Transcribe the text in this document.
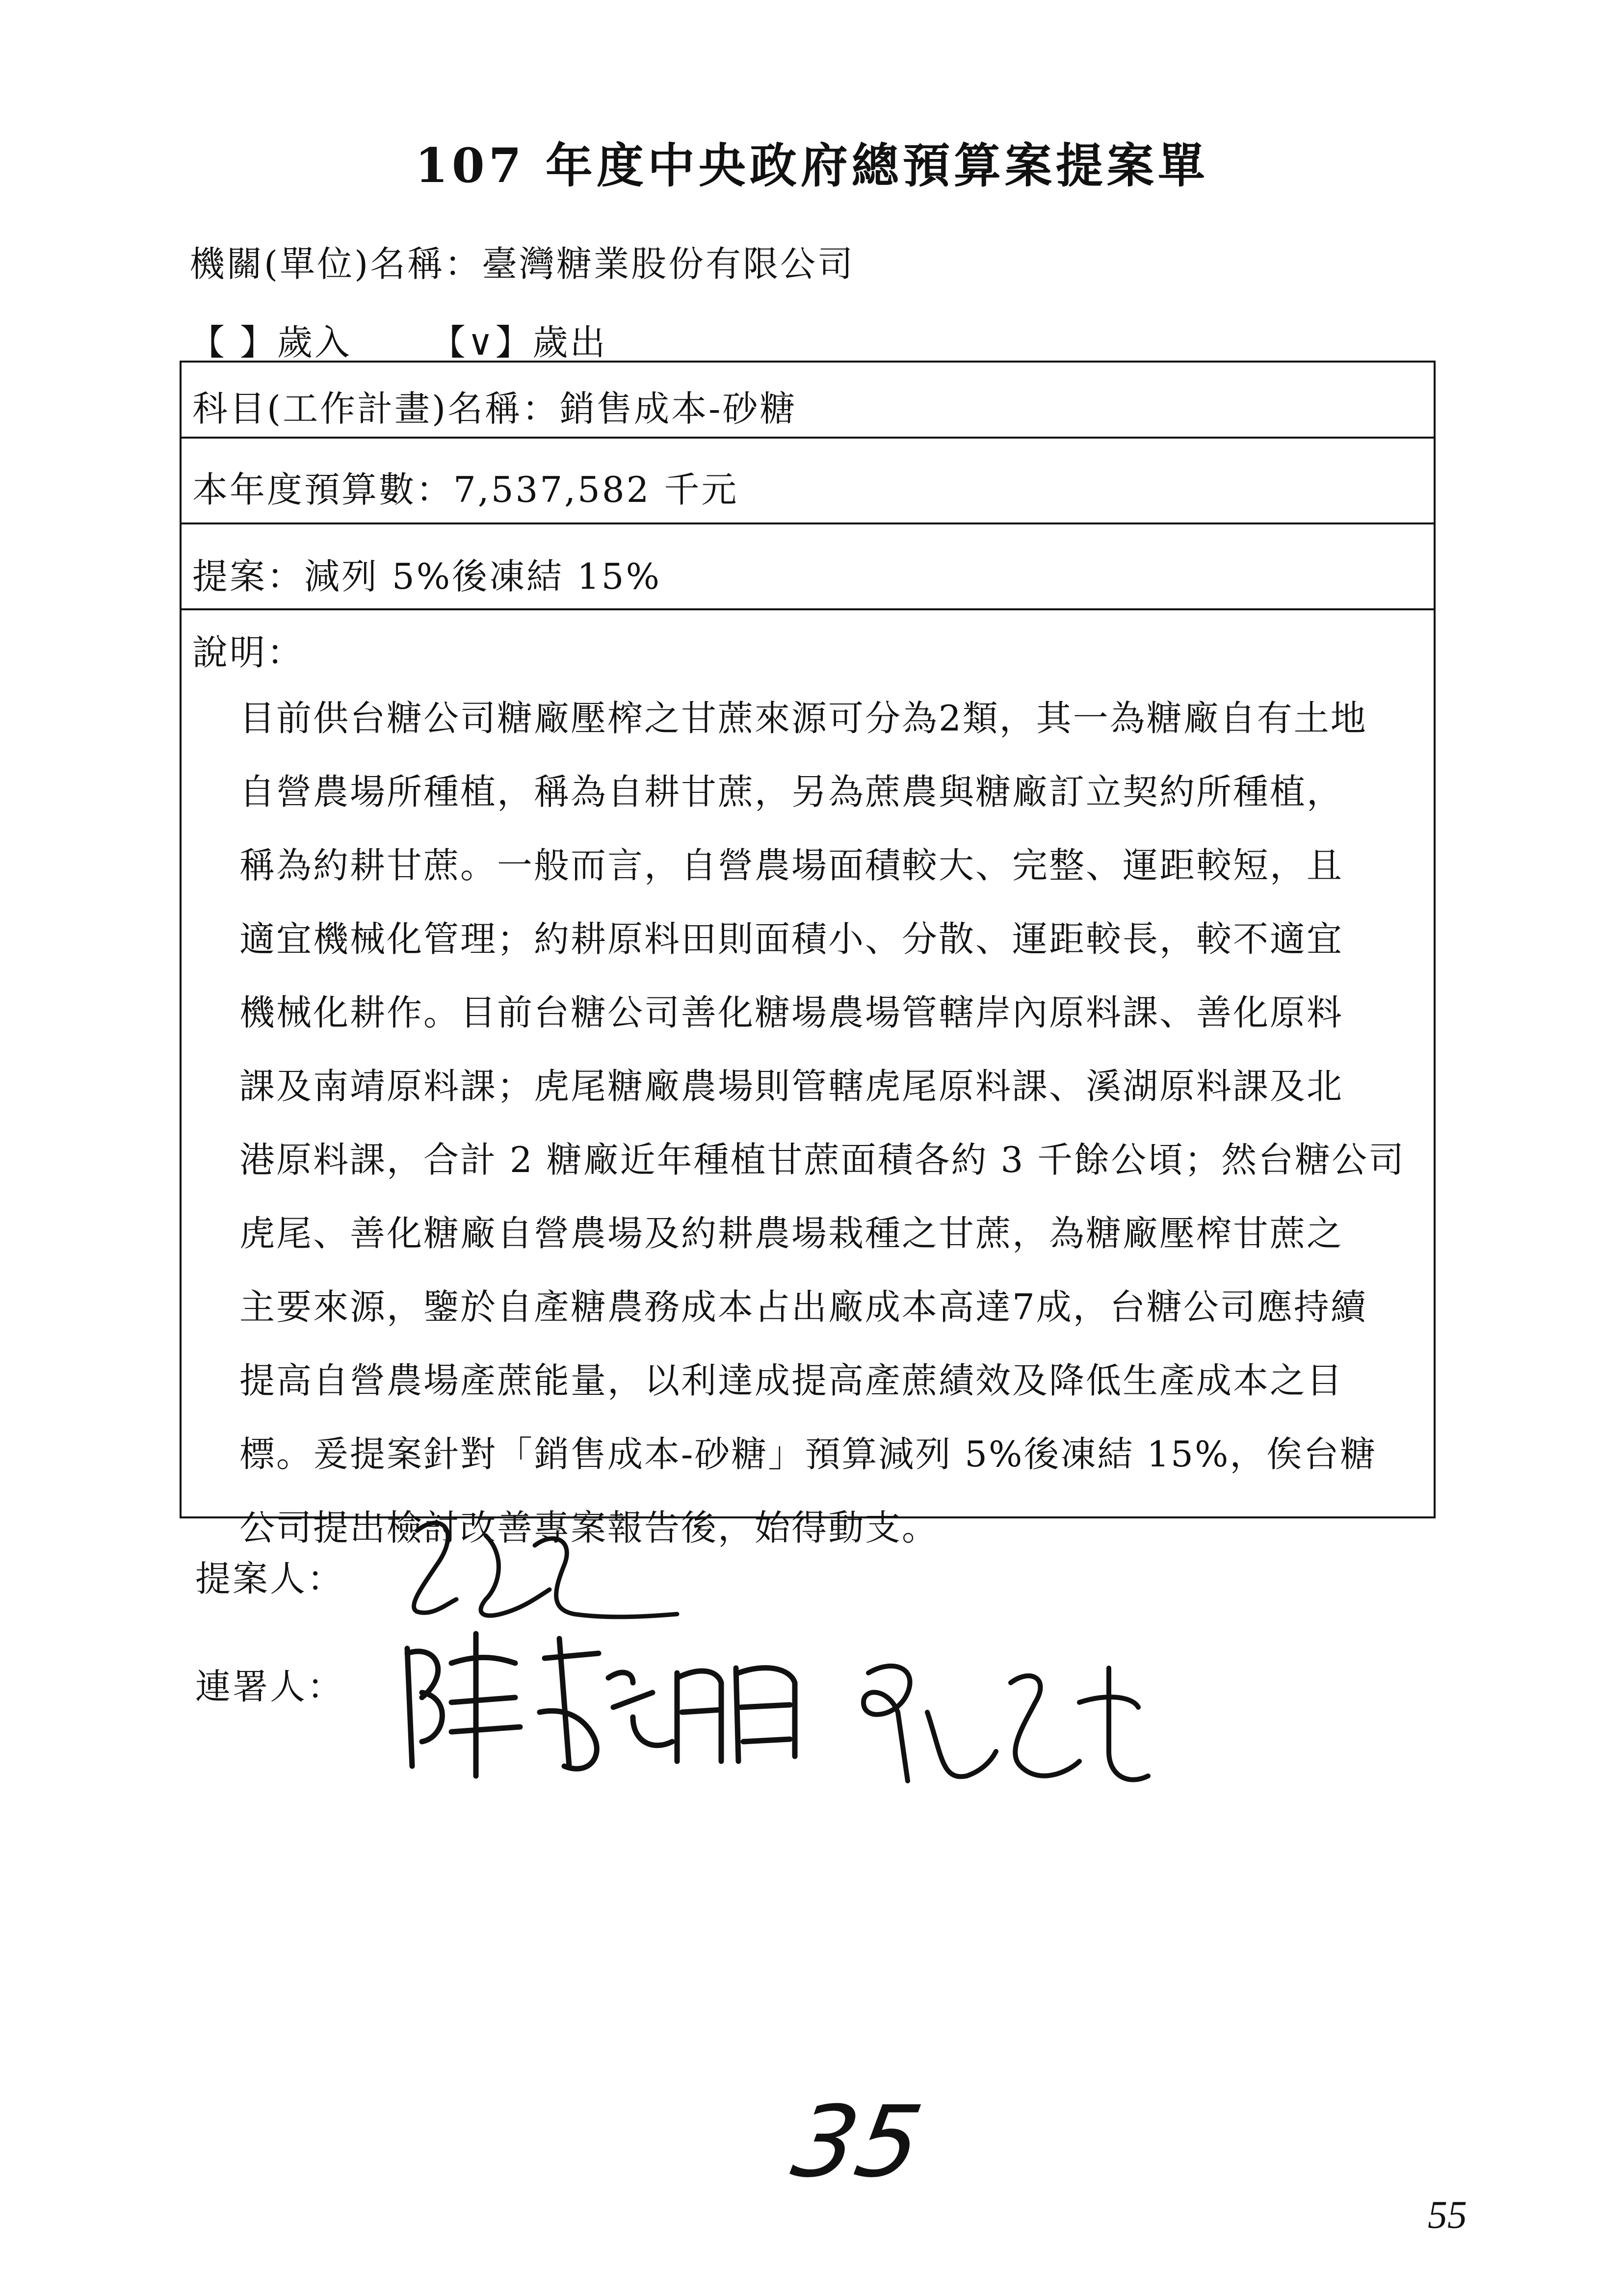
107 年度中央政府總預算案提案單
機關(單位)名稱：臺灣糖業股份有限公司
【 】歲入 【∨】歲出
科目(工作計畫)名稱：銷售成本-砂糖
本年度預算數：7,537,582 千元
提案：減列 5%後凍結 15%
說明：
目前供台糖公司糖廠壓榨之甘蔗來源可分為2類，其一為糖廠自有土地
自營農場所種植，稱為自耕甘蔗，另為蔗農與糖廠訂立契約所種植，
稱為約耕甘蔗。一般而言，自營農場面積較大、完整、運距較短，且
適宜機械化管理；約耕原料田則面積小、分散、運距較長，較不適宜
機械化耕作。目前台糖公司善化糖場農場管轄岸內原料課、善化原料
課及南靖原料課；虎尾糖廠農場則管轄虎尾原料課、溪湖原料課及北
港原料課，合計 2 糖廠近年種植甘蔗面積各約 3 千餘公頃；然台糖公司
虎尾、善化糖廠自營農場及約耕農場栽種之甘蔗，為糖廠壓榨甘蔗之
主要來源，鑒於自產糖農務成本占出廠成本高達7成，台糖公司應持續
提高自營農場產蔗能量，以利達成提高產蔗績效及降低生產成本之目
標。爰提案針對「銷售成本-砂糖」預算減列 5%後凍結 15%，俟台糖
公司提出檢討改善專案報告後，始得動支。
提案人：
連署人：
35
55
